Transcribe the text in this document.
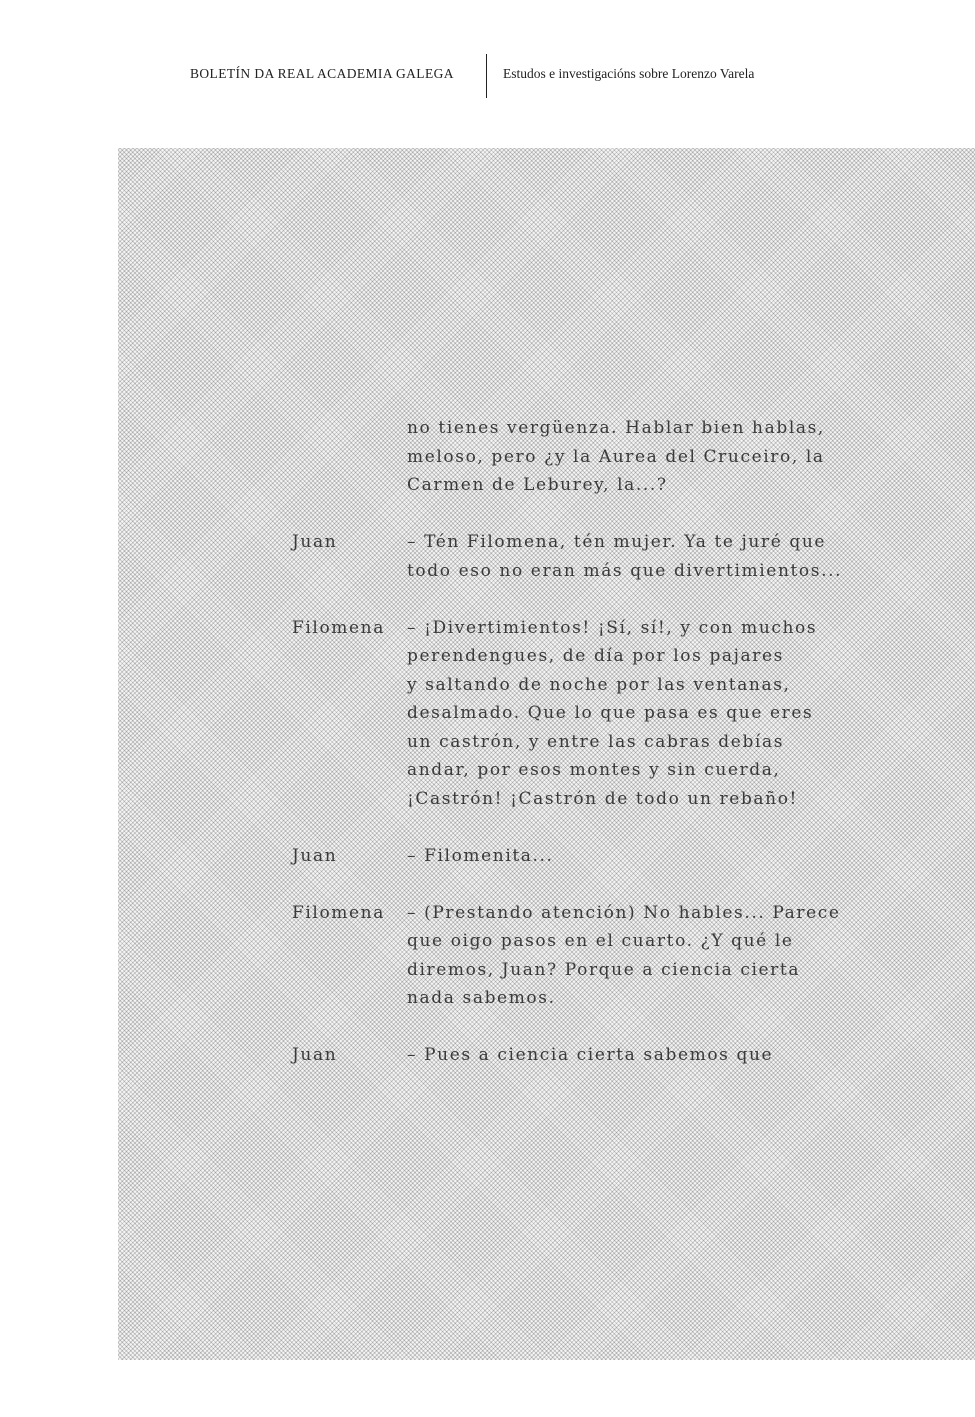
BOLETÍN DA REAL ACADEMIA GALEGA	Estudos e investigacións sobre Lorenzo Varela
no tienes vergüenza. Hablar bien hablas,
meloso, pero ¿y la Aurea del Cruceiro, la
Carmen de Leburey, la...?
Juan	– Tén Filomena, tén mujer. Ya te juré que
todo eso no eran más que divertimientos...
Filomena	– ¡Divertimientos! ¡Sí, sí!, y con muchos
perendengues, de día por los pajares
y saltando de noche por las ventanas,
desalmado. Que lo que pasa es que eres
un castrón, y entre las cabras debías
andar, por esos montes y sin cuerda,
¡Castrón! ¡Castrón de todo un rebaño!
Juan	– Filomenita...
Filomena	– (Prestando atención) No hables... Parece
que oigo pasos en el cuarto. ¿Y qué le
diremos, Juan? Porque a ciencia cierta
nada sabemos.
Juan	– Pues a ciencia cierta sabemos que
